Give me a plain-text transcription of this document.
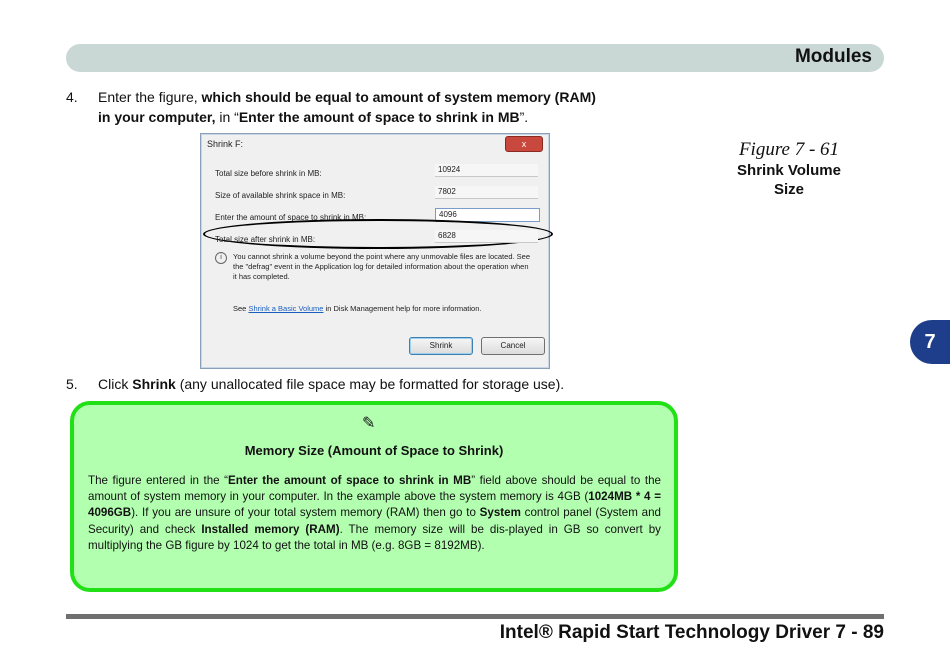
Modules
7
4. Enter the figure, which should be equal to amount of system memory (RAM)
in your computer, in “Enter the amount of space to shrink in MB”.
Figure 7 - 61
Shrink Volume
Size
Shrink F:	x
Total size before shrink in MB:	10924
Size of available shrink space in MB:	7802
Enter the amount of space to shrink in MB:	4096
Total size after shrink in MB:	6828
i	You cannot shrink a volume beyond the point where any unmovable files are located. See the "defrag" event in the Application log for detailed information about the operation when it has completed.
See Shrink a Basic Volume in Disk Management help for more information.
Shrink	Cancel
5. Click Shrink (any unallocated file space may be formatted for storage use).
✎
Memory Size (Amount of Space to Shrink)
The figure entered in the “Enter the amount of space to shrink in MB” field above should be equal to the amount of system memory in your computer. In the example above the system memory is 4GB (1024MB * 4 = 4096GB). If you are unsure of your total system memory (RAM) then go to System control panel (System and Security) and check Installed memory (RAM). The memory size will be dis-played in GB so convert by multiplying the GB figure by 1024 to get the total in MB (e.g. 8GB = 8192MB).
Intel® Rapid Start Technology Driver 7 - 89
